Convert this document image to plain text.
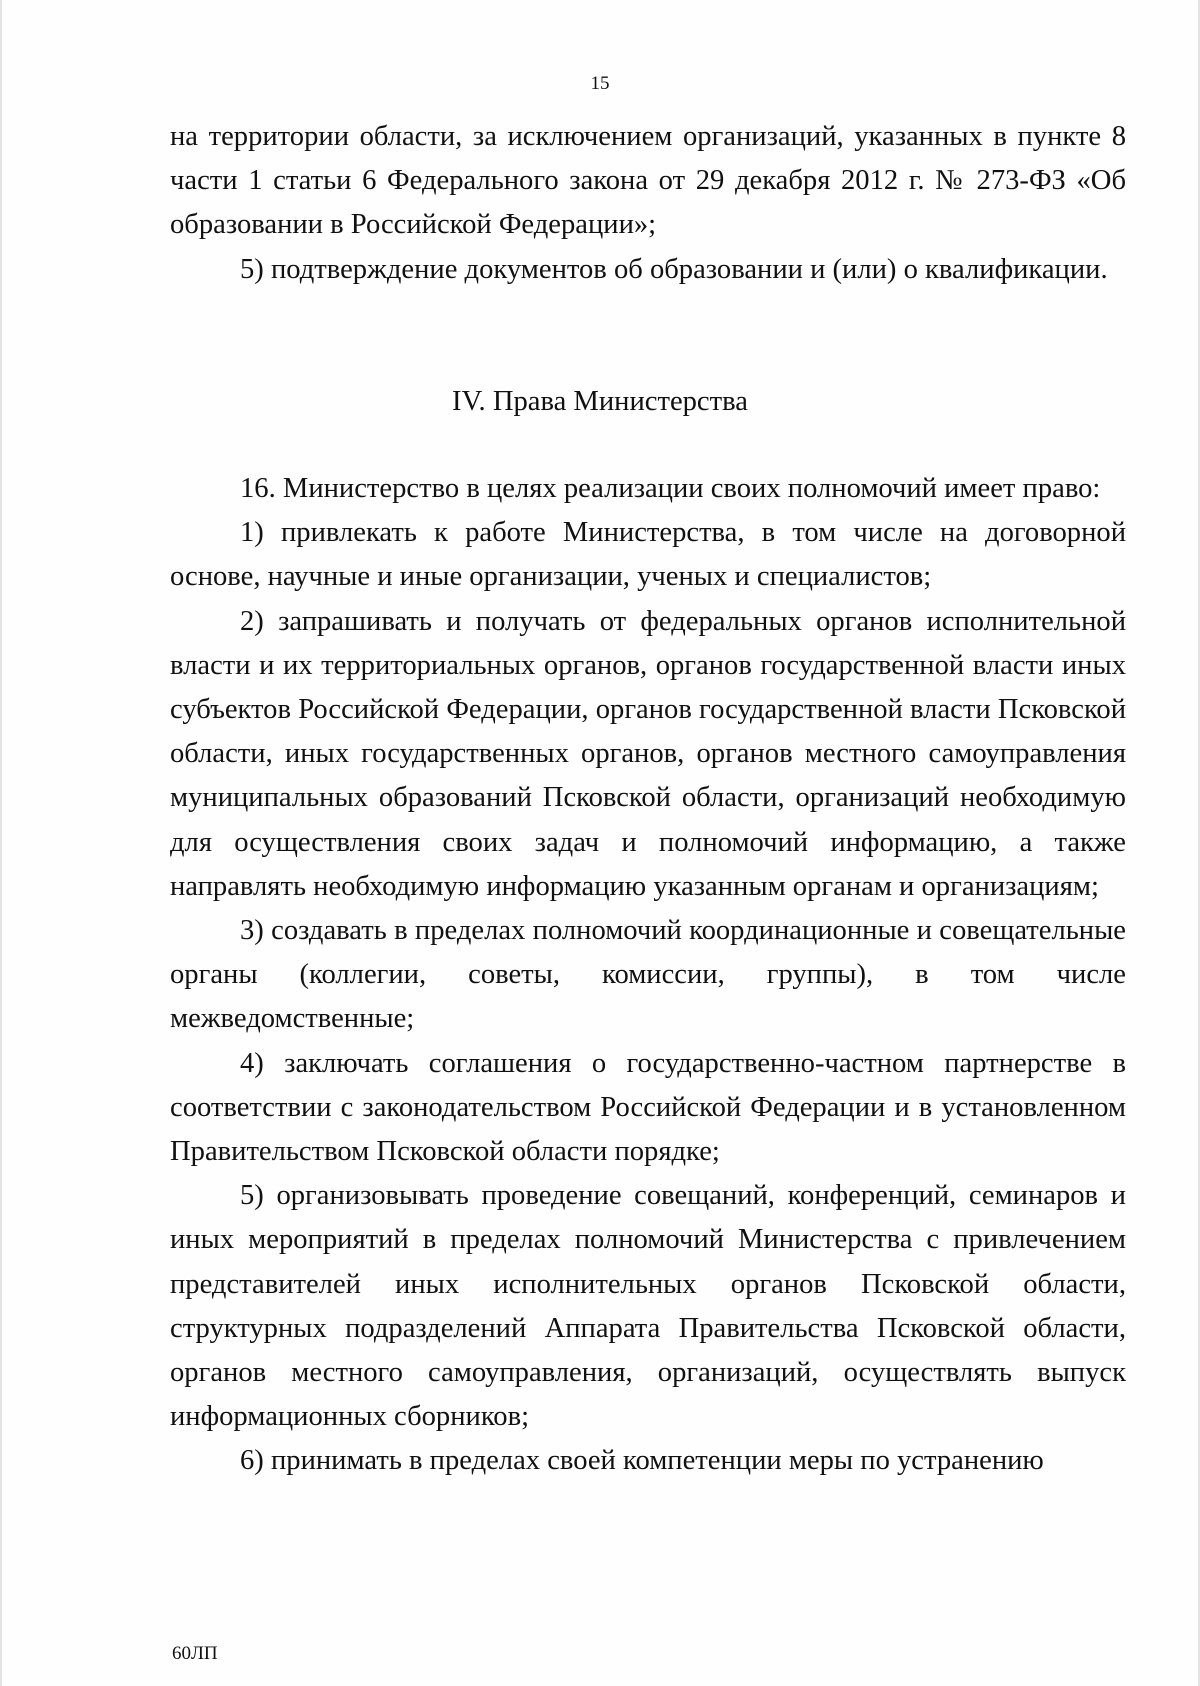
15

на территории области, за исключением организаций, указанных в пункте 8 части 1 статьи 6 Федерального закона от 29 декабря 2012 г. № 273-ФЗ «Об образовании в Российской Федерации»;

5) подтверждение документов об образовании и (или) о квалификации.

IV. Права Министерства

16. Министерство в целях реализации своих полномочий имеет право:

1) привлекать к работе Министерства, в том числе на договорной основе, научные и иные организации, ученых и специалистов;

2) запрашивать и получать от федеральных органов исполнительной власти и их территориальных органов, органов государственной власти иных субъектов Российской Федерации, органов государственной власти Псковской области, иных государственных органов, органов местного самоуправления муниципальных образований Псковской области, организаций необходимую для осуществления своих задач и полномочий информацию, а также направлять необходимую информацию указанным органам и организациям;

3) создавать в пределах полномочий координационные и совещательные органы (коллегии, советы, комиссии, группы), в том числе межведомственные;

4) заключать соглашения о государственно-частном партнерстве в соответствии с законодательством Российской Федерации и в установленном Правительством Псковской области порядке;

5) организовывать проведение совещаний, конференций, семинаров и иных мероприятий в пределах полномочий Министерства с привлечением представителей иных исполнительных органов Псковской области, структурных подразделений Аппарата Правительства Псковской области, органов местного самоуправления, организаций, осуществлять выпуск информационных сборников;

6) принимать в пределах своей компетенции меры по устранению

60ЛП
